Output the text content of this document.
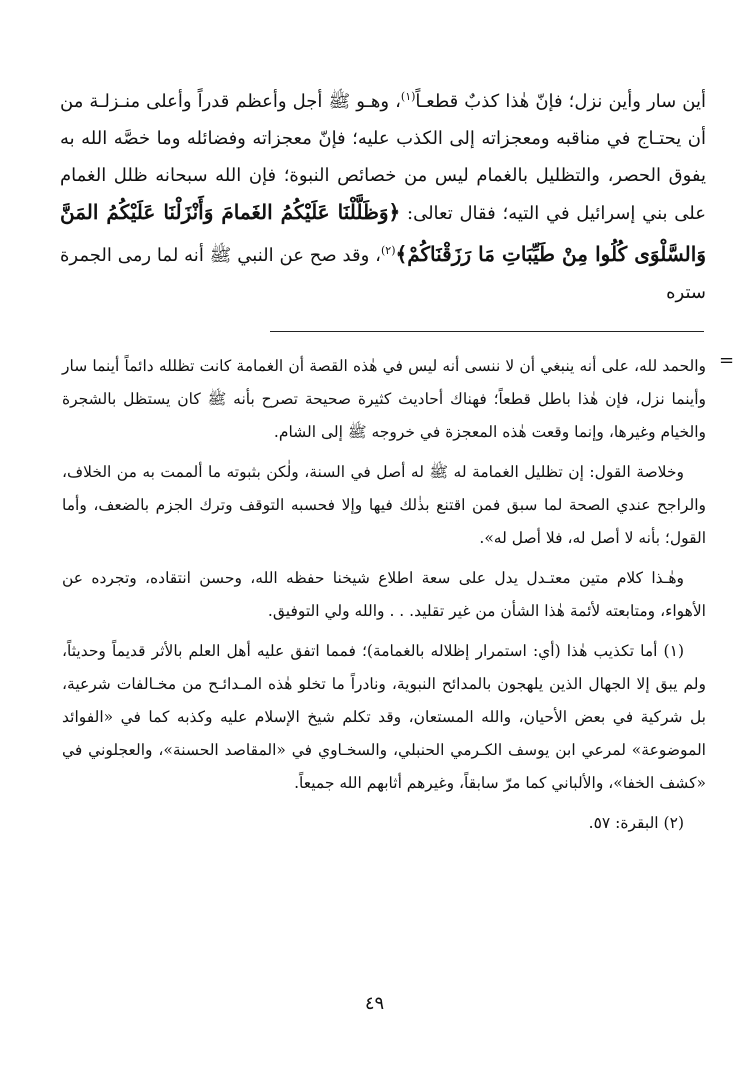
أين سار وأين نزل؛ فإنّ هٰذا كذبٌ قطعـاً$^{(١)}$، وهـو ﷺ أجل وأعظم قدراً وأعلى منـزلـة من أن يحتـاج في مناقبه ومعجزاته إلى الكذب عليه؛ فإنّ معجزاته وفضائله وما خصَّه الله به يفوق الحصر، والتظليل بالغمام ليس من خصائص النبوة؛ فإن الله سبحانه ظلل الغمام على بني إسرائيل في التيه؛ فقال تعالى: ﴿وَظَلَّلْنَا عَلَيْكُمُ الغَمامَ وَأَنْزَلْنَا عَلَيْكُمُ المَنَّ وَالسَّلْوَى كُلُوا مِنْ طَيِّبَاتِ مَا رَزَقْنَاكُمْ﴾$^{(٢)}$، وقد صح عن النبي ﷺ أنه لما رمى الجمرة ستره

=

والحمد لله، على أنه ينبغي أن لا ننسى أنه ليس في هٰذه القصة أن الغمامة كانت تظلله دائماً أينما سار وأينما نزل، فإن هٰذا باطل قطعاً؛ فهناك أحاديث كثيرة صحيحة تصرح بأنه ﷺ كان يستظل بالشجرة والخيام وغيرها، وإنما وقعت هٰذه المعجزة في خروجه ﷺ إلى الشام.

وخلاصة القول: إن تظليل الغمامة له ﷺ له أصل في السنة، ولٰكن بثبوته ما ألممت به من الخلاف، والراجح عندي الصحة لما سبق فمن اقتنع بذٰلك فيها وإلا فحسبه التوقف وترك الجزم بالضعف، وأما القول؛ بأنه لا أصل له، فلا أصل له».

وهٰـذا كلام متين معتـدل يدل على سعة اطلاع شيخنا حفظه الله، وحسن انتقاده، وتجرده عن الأهواء، ومتابعته لأئمة هٰذا الشأن من غير تقليد. . . والله ولي التوفيق.

(١) أما تكذيب هٰذا (أي: استمرار إظلاله بالغمامة)؛ فمما اتفق عليه أهل العلم بالأثر قديماً وحديثاً، ولم يبق إلا الجهال الذين يلهجون بالمدائح النبوية، ونادراً ما تخلو هٰذه المـدائـح من مخـالفات شرعية، بل شركية في بعض الأحيان، والله المستعان، وقد تكلم شيخ الإسلام عليه وكذبه كما في «الفوائد الموضوعة» لمرعي ابن يوسف الكـرمي الحنبلي، والسخـاوي في «المقاصد الحسنة»، والعجلوني في «كشف الخفا»، والألباني كما مرّ سابقاً، وغيرهم أثابهم الله جميعاً.

(٢) البقرة: ٥٧.

٤٩
